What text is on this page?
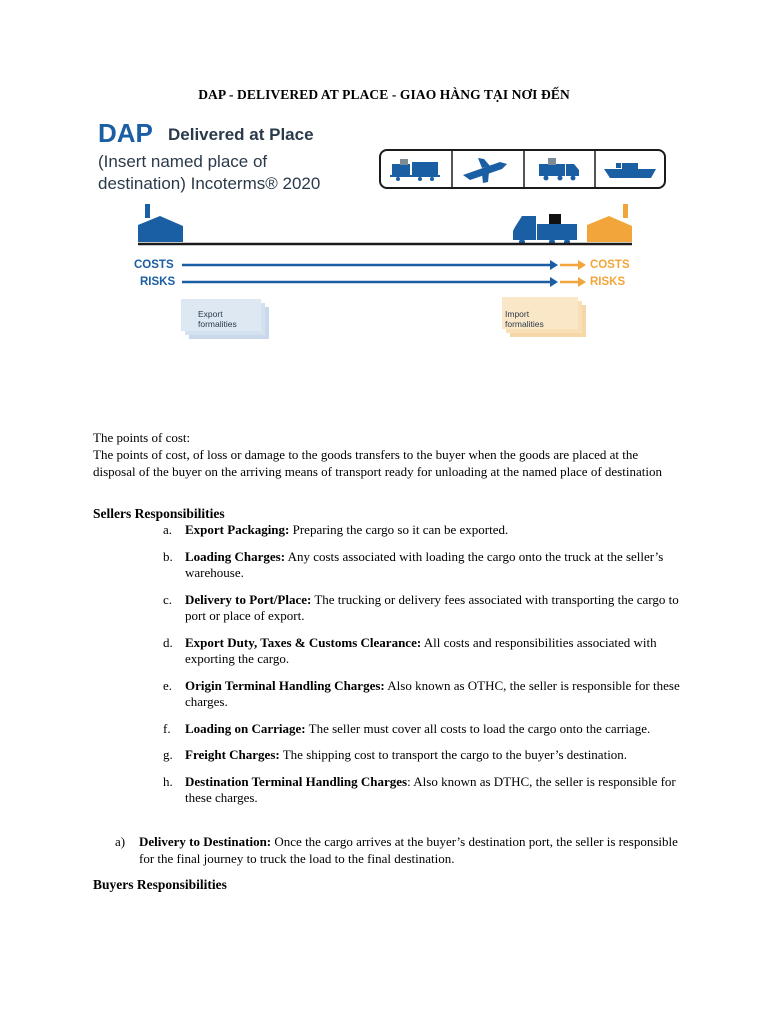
DAP - DELIVERED AT PLACE - GIAO HÀNG TẠI NƠI ĐẾN
DAP Delivered at Place
(Insert named place of
destination) Incoterms® 2020
COSTS
RISKS
COSTS
RISKS
Export
formalities
Import
formalities
The points of cost:
The points of cost, of loss or damage to the goods transfers to the buyer when the goods are placed at the disposal of the buyer on the arriving means of transport ready for unloading at the named place of destination
Sellers Responsibilities
a. Export Packaging: Preparing the cargo so it can be exported.
b. Loading Charges: Any costs associated with loading the cargo onto the truck at the seller’s warehouse.
c. Delivery to Port/Place: The trucking or delivery fees associated with transporting the cargo to port or place of export.
d. Export Duty, Taxes & Customs Clearance: All costs and responsibilities associated with exporting the cargo.
e. Origin Terminal Handling Charges: Also known as OTHC, the seller is responsible for these charges.
f. Loading on Carriage: The seller must cover all costs to load the cargo onto the carriage.
g. Freight Charges: The shipping cost to transport the cargo to the buyer’s destination.
h. Destination Terminal Handling Charges: Also known as DTHC, the seller is responsible for these charges.
a)	Delivery to Destination: Once the cargo arrives at the buyer’s destination port, the seller is responsible for the final journey to truck the load to the final destination.
Buyers Responsibilities
